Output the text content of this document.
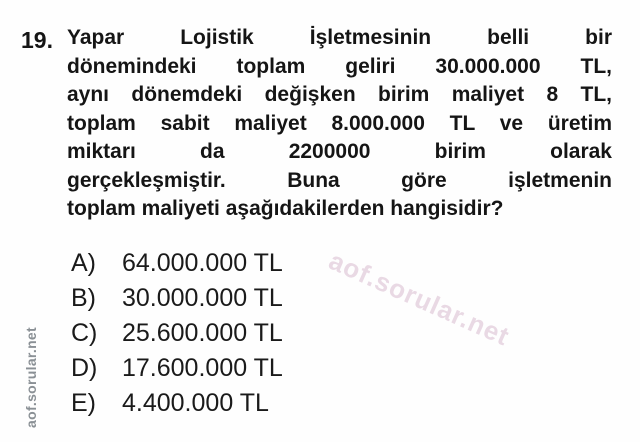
19. Yapar Lojistik İşletmesinin belli bir
dönemindeki toplam geliri 30.000.000 TL,
aynı dönemdeki değişken birim maliyet 8 TL,
toplam sabit maliyet 8.000.000 TL ve üretim
miktarı da 2200000 birim olarak
gerçekleşmiştir. Buna göre işletmenin
toplam maliyeti aşağıdakilerden hangisidir?
A)	64.000.000 TL
B)	30.000.000 TL
C) 25.600.000 TL
D) 17.600.000 TL
E)	4.400.000 TL
aof.sorular.net
aof.sorular.net
